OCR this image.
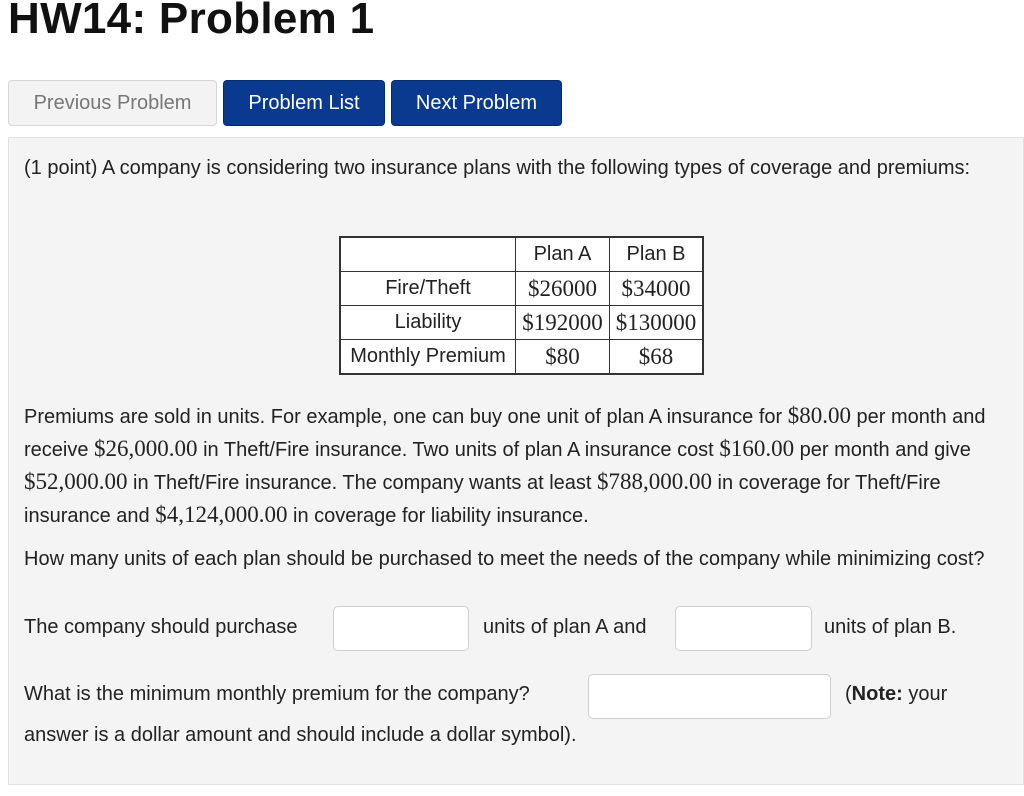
HW14: Problem 1
Previous Problem	Problem List	Next Problem

(1 point) A company is considering two insurance plans with the following types of coverage and premiums:

	Plan A	Plan B
Fire/Theft	$26000	$34000
Liability	$192000	$130000
Monthly Premium	$80	$68

Premiums are sold in units. For example, one can buy one unit of plan A insurance for $80.00 per month and receive $26,000.00 in Theft/Fire insurance. Two units of plan A insurance cost $160.00 per month and give $52,000.00 in Theft/Fire insurance. The company wants at least $788,000.00 in coverage for Theft/Fire insurance and $4,124,000.00 in coverage for liability insurance.

How many units of each plan should be purchased to meet the needs of the company while minimizing cost?

The company should purchase	units of plan A and	units of plan B.
What is the minimum monthly premium for the company?	(Note: your
answer is a dollar amount and should include a dollar symbol).
